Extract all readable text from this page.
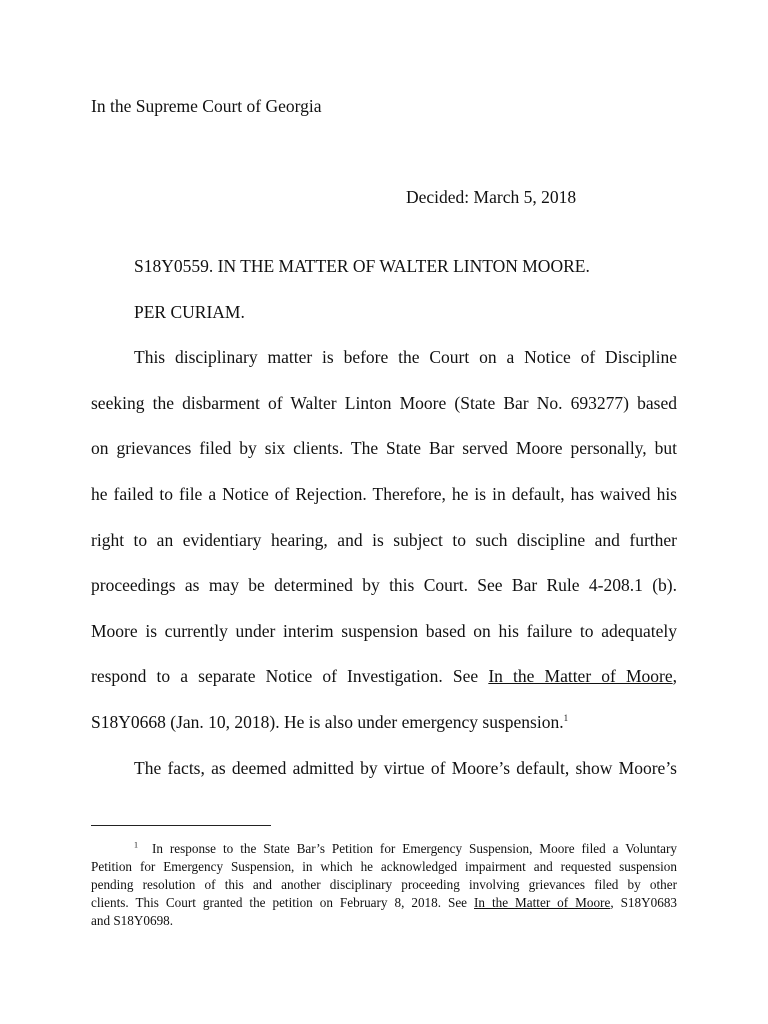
In the Supreme Court of Georgia
Decided: March 5, 2018
S18Y0559. IN THE MATTER OF WALTER LINTON MOORE.
PER CURIAM.
This disciplinary matter is before the Court on a Notice of Discipline
seeking the disbarment of Walter Linton Moore (State Bar No. 693277) based
on grievances filed by six clients. The State Bar served Moore personally, but
he failed to file a Notice of Rejection. Therefore, he is in default, has waived his
right to an evidentiary hearing, and is subject to such discipline and further
proceedings as may be determined by this Court. See Bar Rule 4-208.1 (b).
Moore is currently under interim suspension based on his failure to adequately
respond to a separate Notice of Investigation. See In the Matter of Moore,
S18Y0668 (Jan. 10, 2018). He is also under emergency suspension.$^1$
The facts, as deemed admitted by virtue of Moore’s default, show Moore’s
$^1$ In response to the State Bar’s Petition for Emergency Suspension, Moore filed a Voluntary
Petition for Emergency Suspension, in which he acknowledged impairment and requested suspension
pending resolution of this and another disciplinary proceeding involving grievances filed by other
clients. This Court granted the petition on February 8, 2018. See In the Matter of Moore, S18Y0683
and S18Y0698.
